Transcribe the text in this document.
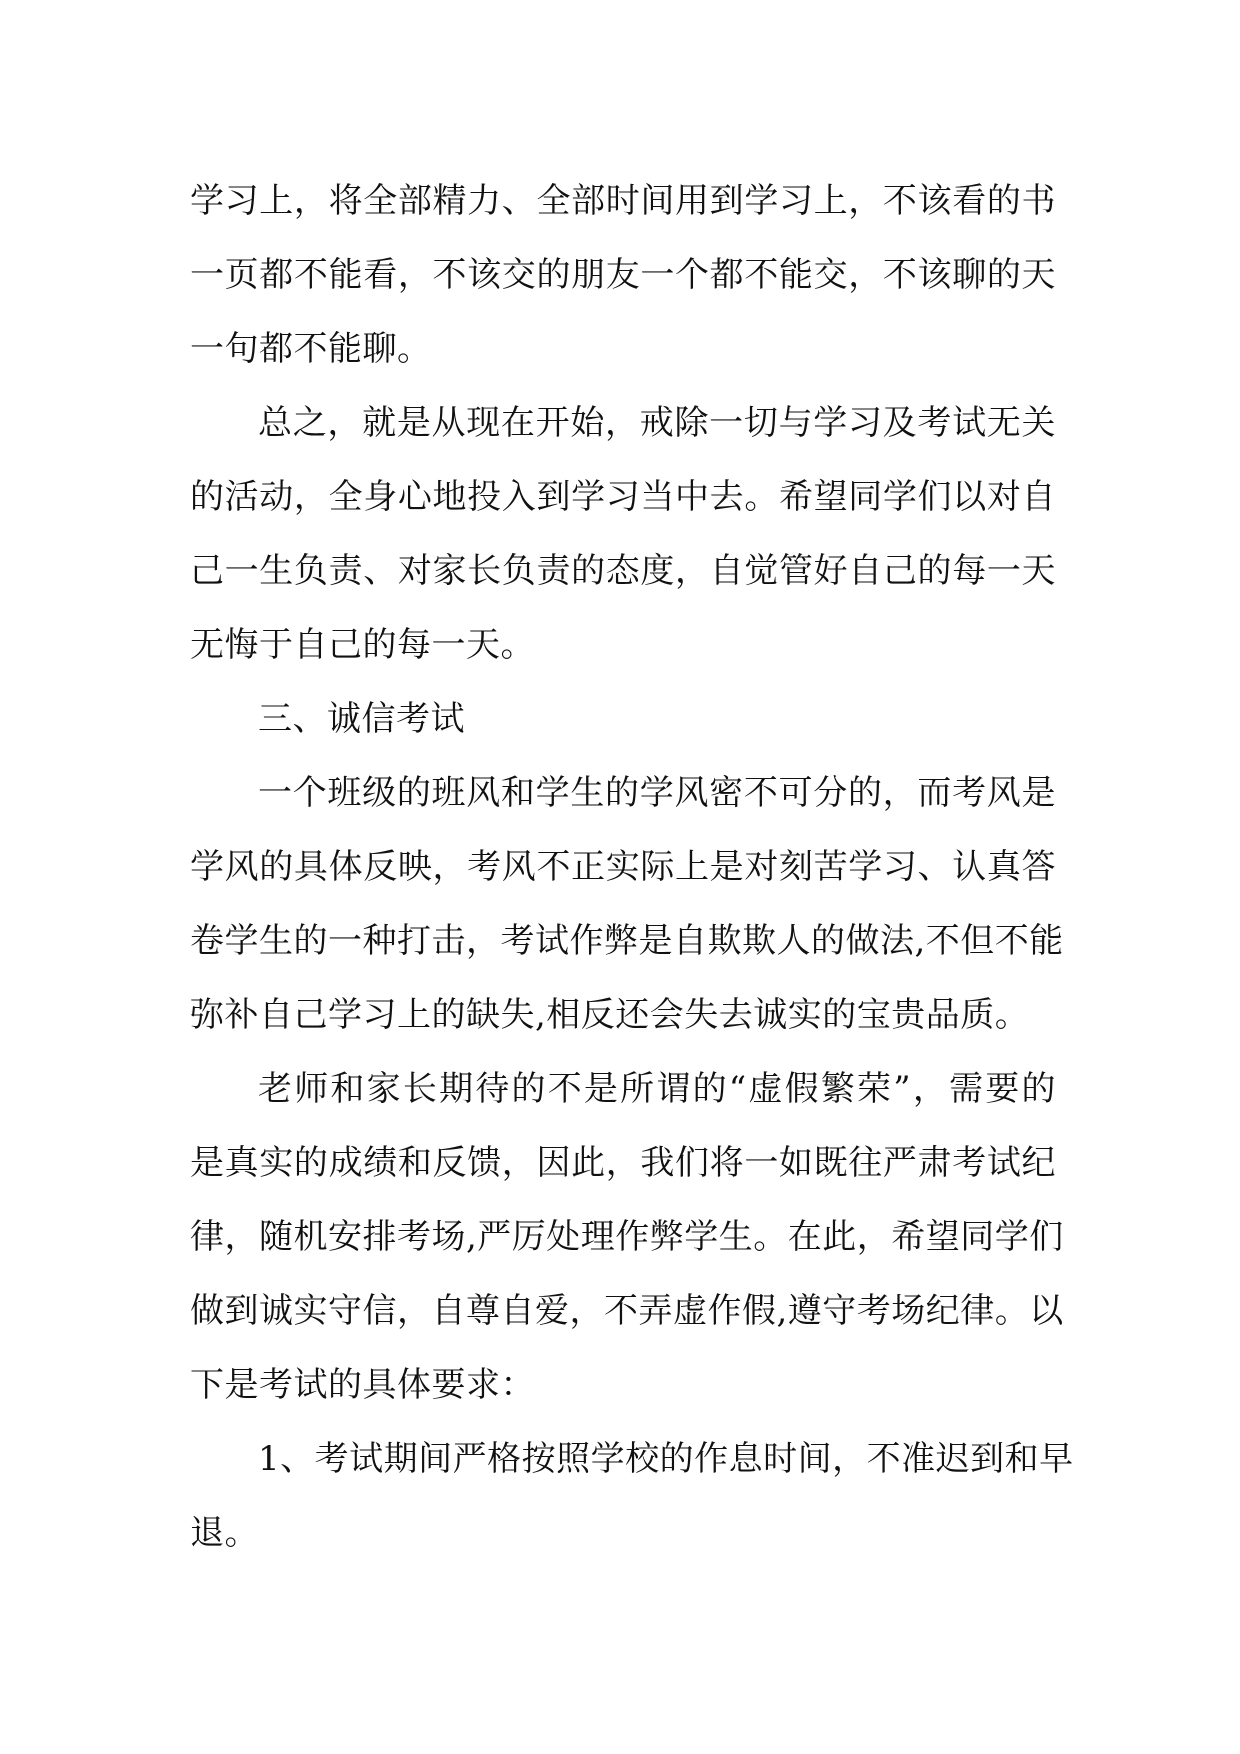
学习上，将全部精力、全部时间用到学习上，不该看的书
一页都不能看，不该交的朋友一个都不能交，不该聊的天
一句都不能聊。

总之，就是从现在开始，戒除一切与学习及考试无关
的活动，全身心地投入到学习当中去。希望同学们以对自
己一生负责、对家长负责的态度，自觉管好自己的每一天
无悔于自己的每一天。

三、诚信考试

一个班级的班风和学生的学风密不可分的，而考风是
学风的具体反映，考风不正实际上是对刻苦学习、认真答
卷学生的一种打击，考试作弊是自欺欺人的做法,不但不能
弥补自己学习上的缺失,相反还会失去诚实的宝贵品质。

老师和家长期待的不是所谓的“虚假繁荣”，需要的
是真实的成绩和反馈，因此，我们将一如既往严肃考试纪
律，随机安排考场,严厉处理作弊学生。在此，希望同学们
做到诚实守信，自尊自爱，不弄虚作假,遵守考场纪律。以
下是考试的具体要求：

1、考试期间严格按照学校的作息时间，不准迟到和早
退。
